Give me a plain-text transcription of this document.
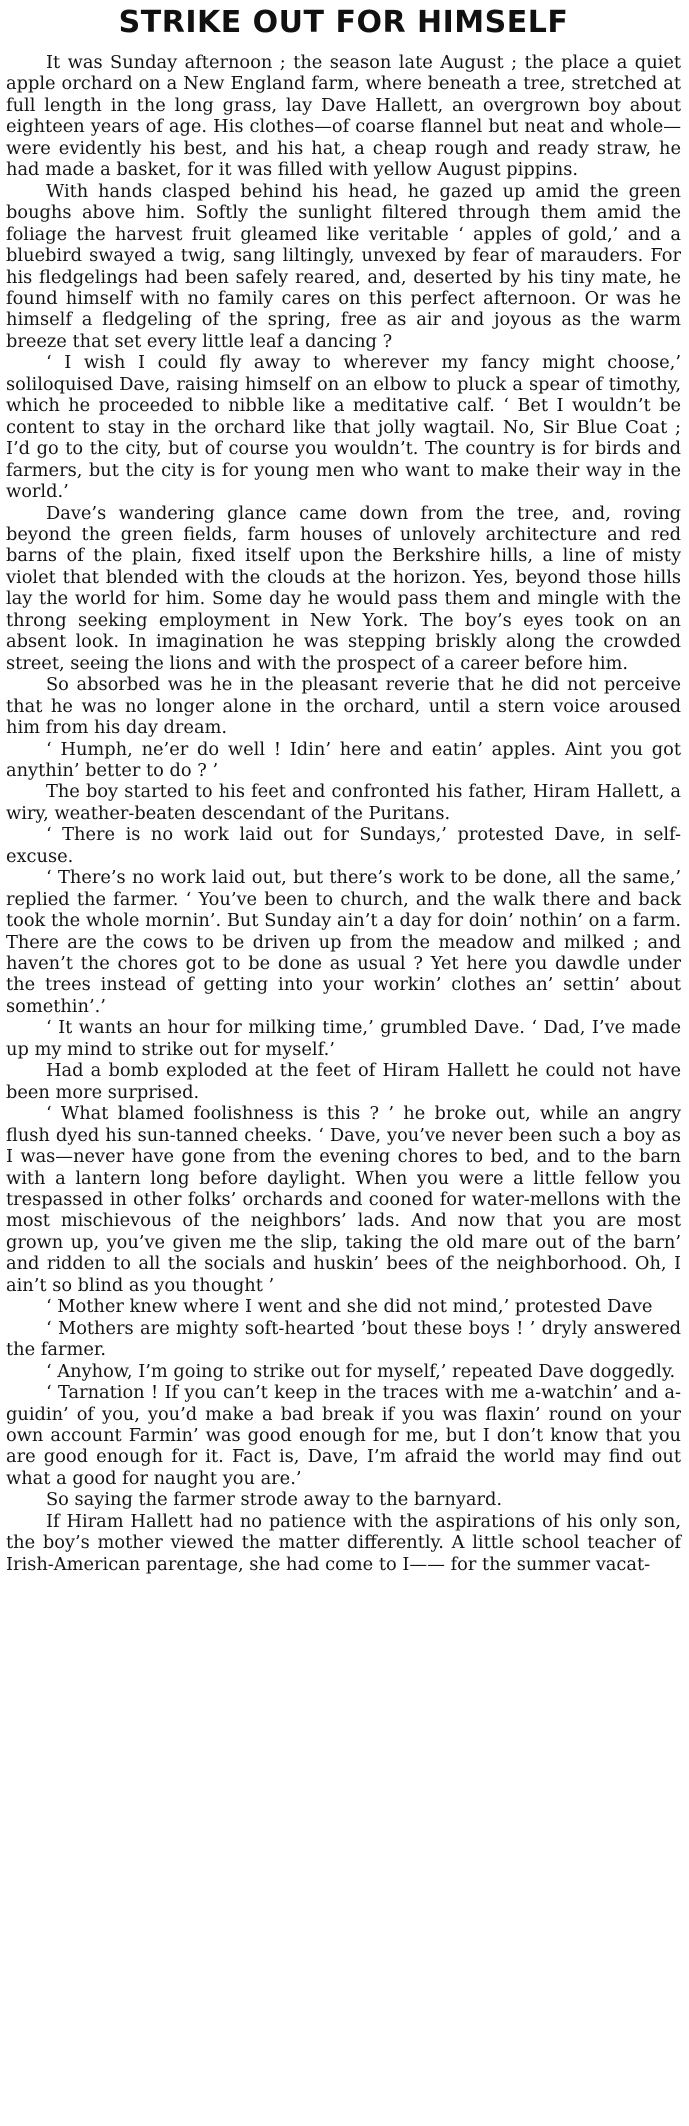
STRIKE OUT FOR HIMSELF

It was Sunday afternoon ; the season late August ; the place a quiet apple orchard on a New England farm, where beneath a tree, stretched at full length in the long grass, lay Dave Hallett, an overgrown boy about eighteen years of age. His clothes—of coarse flannel but neat and whole—were evidently his best, and his hat, a cheap rough and ready straw, he had made a basket, for it was filled with yellow August pippins.

With hands clasped behind his head, he gazed up amid the green boughs above him. Softly the sunlight filtered through them amid the foliage the harvest fruit gleamed like veritable ‘ apples of gold,’ and a bluebird swayed a twig, sang liltingly, unvexed by fear of marauders. For his fledgelings had been safely reared, and, deserted by his tiny mate, he found himself with no family cares on this perfect afternoon. Or was he himself a fledgeling of the spring, free as air and joyous as the warm breeze that set every little leaf a dancing ?

‘ I wish I could fly away to wherever my fancy might choose,’ soliloquised Dave, raising himself on an elbow to pluck a spear of timothy, which he proceeded to nibble like a meditative calf. ‘ Bet I wouldn’t be content to stay in the orchard like that jolly wagtail. No, Sir Blue Coat ; I’d go to the city, but of course you wouldn’t. The country is for birds and farmers, but the city is for young men who want to make their way in the world.’

Dave’s wandering glance came down from the tree, and, roving beyond the green fields, farm houses of unlovely architecture and red barns of the plain, fixed itself upon the Berkshire hills, a line of misty violet that blended with the clouds at the horizon. Yes, beyond those hills lay the world for him. Some day he would pass them and mingle with the throng seeking employment in New York. The boy’s eyes took on an absent look. In imagination he was stepping briskly along the crowded street, seeing the lions and with the prospect of a career before him.

So absorbed was he in the pleasant reverie that he did not perceive that he was no longer alone in the orchard, until a stern voice aroused him from his day dream.

‘ Humph, ne’er do well ! Idin’ here and eatin’ apples. Aint you got anythin’ better to do ? ’

The boy started to his feet and confronted his father, Hiram Hallett, a wiry, weather-beaten descendant of the Puritans.

‘ There is no work laid out for Sundays,’ protested Dave, in self-excuse.

‘ There’s no work laid out, but there’s work to be done, all the same,’ replied the farmer. ‘ You’ve been to church, and the walk there and back took the whole mornin’. But Sunday ain’t a day for doin’ nothin’ on a farm. There are the cows to be driven up from the meadow and milked ; and haven’t the chores got to be done as usual ? Yet here you dawdle under the trees instead of getting into your workin’ clothes an’ settin’ about somethin’.’

‘ It wants an hour for milking time,’ grumbled Dave. ‘ Dad, I’ve made up my mind to strike out for myself.’

Had a bomb exploded at the feet of Hiram Hallett he could not have been more surprised.

‘ What blamed foolishness is this ? ’ he broke out, while an angry flush dyed his sun-tanned cheeks. ‘ Dave, you’ve never been such a boy as I was—never have gone from the evening chores to bed, and to the barn with a lantern long before daylight. When you were a little fellow you trespassed in other folks’ orchards and cooned for water-mellons with the most mischievous of the neighbors’ lads. And now that you are most grown up, you’ve given me the slip, taking the old mare out of the barn’ and ridden to all the socials and huskin’ bees of the neighborhood. Oh, I ain’t so blind as you thought ’

‘ Mother knew where I went and she did not mind,’ protested Dave

‘ Mothers are mighty soft-hearted ’bout these boys ! ’ dryly answered the farmer.

‘ Anyhow, I’m going to strike out for myself,’ repeated Dave doggedly.

‘ Tarnation ! If you can’t keep in the traces with me a-watchin’ and a-guidin’ of you, you’d make a bad break if you was flaxin’ round on your own account Farmin’ was good enough for me, but I don’t know that you are good enough for it. Fact is, Dave, I’m afraid the world may find out what a good for naught you are.’

So saying the farmer strode away to the barnyard.

If Hiram Hallett had no patience with the aspirations of his only son, the boy’s mother viewed the matter differently. A little school teacher of Irish-American parentage, she had come to I—— for the summer vacat-
